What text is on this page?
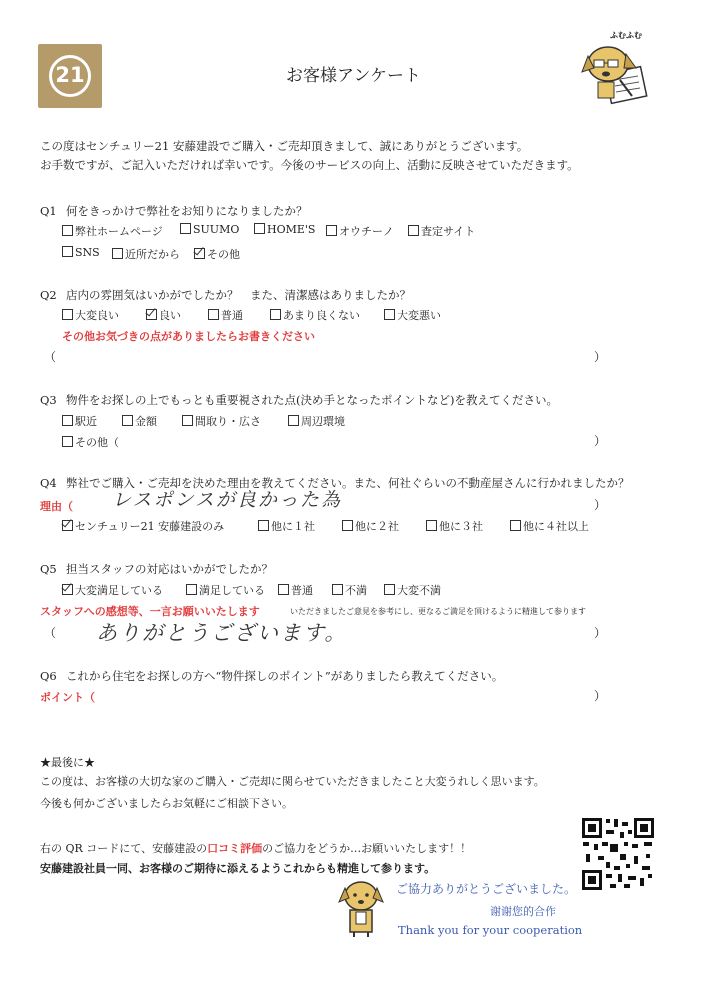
21	お客様アンケート
ふむふむ
この度はセンチュリー21 安藤建設でご購入・ご売却頂きまして、誠にありがとうございます。
お手数ですが、ご記入いただければ幸いです。今後のサービスの向上、活動に反映させていただきます。
Q1 何をきっかけで弊社をお知りになりましたか？
弊社ホームページ	SUUMO	HOME'S	オウチーノ	査定サイト
SNS	近所だから	その他
Q2 店内の雰囲気はいかがでしたか？　また、清潔感はありましたか？
大変良い	良い	普通	あまり良くない	大変悪い
その他お気づきの点がありましたらお書きください
（	）
Q3 物件をお探しの上でもっとも重要視された点(決め手となったポイントなど)を教えてください。
駅近	金額	間取り・広さ	周辺環境
その他（	）
Q4 弊社でご購入・ご売却を決めた理由を教えてください。また、何社ぐらいの不動産屋さんに行かれましたか？
理由（ レスポンスが良かった為	）
センチュリー21 安藤建設のみ	他に１社	他に２社	他に３社	他に４社以上
Q5 担当スタッフの対応はいかがでしたか？
大変満足している	満足している	普通	不満	大変不満
スタッフへの感想等、一言お願いいたします	いただきましたご意見を参考にし、更なるご満足を頂けるように精進して参ります
（ ありがとうございます。	）
Q6 これから住宅をお探しの方へ“物件探しのポイント”がありましたら教えてください。
ポイント（	）
★最後に★
この度は、お客様の大切な家のご購入・ご売却に関らせていただきましたこと大変うれしく思います。
今後も何かございましたらお気軽にご相談下さい。
右の QR コードにて、安藤建設の口コミ評価のご協力をどうか…お願いいたします！！
安藤建設社員一同、お客様のご期待に添えるようこれからも精進して参ります。
ご協力ありがとうございました。
谢谢您的合作
Thank you for your cooperation
